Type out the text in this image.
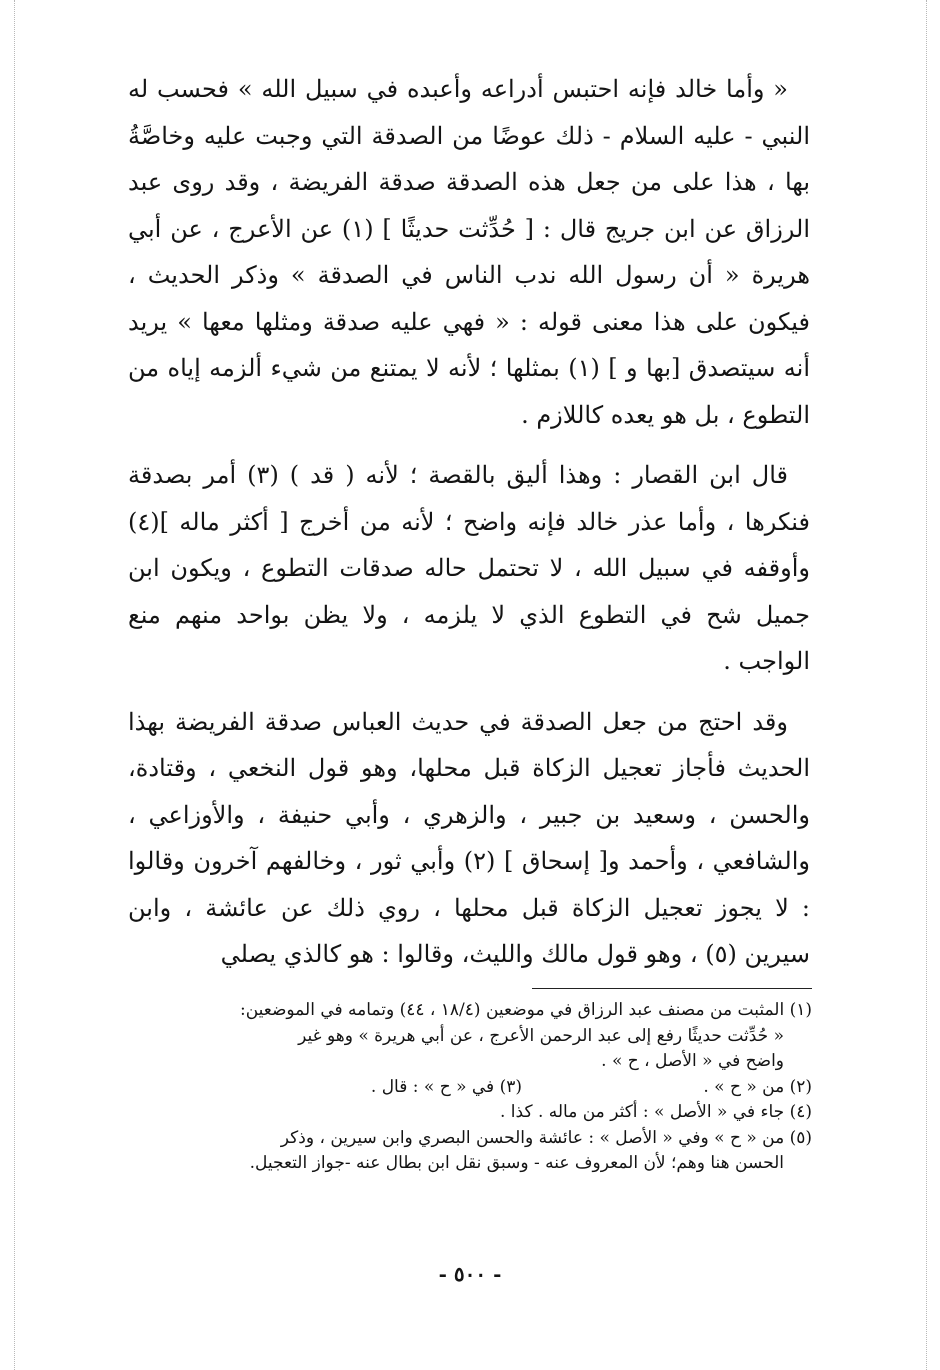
« وأما خالد فإنه احتبس أدراعه وأعبده في سبيل الله » فحسب له النبي - عليه السلام - ذلك عوضًا من الصدقة التي وجبت عليه وخاصَّةُ بها ، هذا على من جعل هذه الصدقة صدقة الفريضة ، وقد روى عبد الرزاق عن ابن جريج قال : [ حُدِّثت حديثًا ] (١) عن الأعرج ، عن أبي هريرة « أن رسول الله ندب الناس في الصدقة » وذكر الحديث ، فيكون على هذا معنى قوله : « فهي عليه صدقة ومثلها معها » يريد أنه سيتصدق [بها و ] (١) بمثلها ؛ لأنه لا يمتنع من شيء ألزمه إياه من التطوع ، بل هو يعده كاللازم .

قال ابن القصار : وهذا أليق بالقصة ؛ لأنه ( قد ) (٣) أمر بصدقة فنكرها ، وأما عذر خالد فإنه واضح ؛ لأنه من أخرج [ أكثر ماله ](٤) وأوقفه في سبيل الله ، لا تحتمل حاله صدقات التطوع ، ويكون ابن جميل شح في التطوع الذي لا يلزمه ، ولا يظن بواحد منهم منع الواجب .

وقد احتج من جعل الصدقة في حديث العباس صدقة الفريضة بهذا الحديث فأجاز تعجيل الزكاة قبل محلها، وهو قول النخعي ، وقتادة، والحسن ، وسعيد بن جبير ، والزهري ، وأبي حنيفة ، والأوزاعي ، والشافعي ، وأحمد و[ إسحاق ] (٢) وأبي ثور ، وخالفهم آخرون وقالوا : لا يجوز تعجيل الزكاة قبل محلها ، روي ذلك عن عائشة ، وابن سيرين (٥) ، وهو قول مالك والليث، وقالوا : هو كالذي يصلي

(١) المثبت من مصنف عبد الرزاق في موضعين (١٨/٤ ، ٤٤) وتمامه في الموضعين:

« حُدِّثت حديثًا رفع إلى عبد الرحمن الأعرج ، عن أبي هريرة » وهو غير

واضح في « الأصل ، ح » .

(٢) من « ح » .

(٣) في « ح » : قال .

(٤) جاء في « الأصل » : أكثر من ماله . كذا .

(٥) من « ح » وفي « الأصل » : عائشة والحسن البصري وابن سيرين ، وذكر

الحسن هنا وهم؛ لأن المعروف عنه - وسبق نقل ابن بطال عنه -جواز التعجيل.

- ٥٠٠ -
